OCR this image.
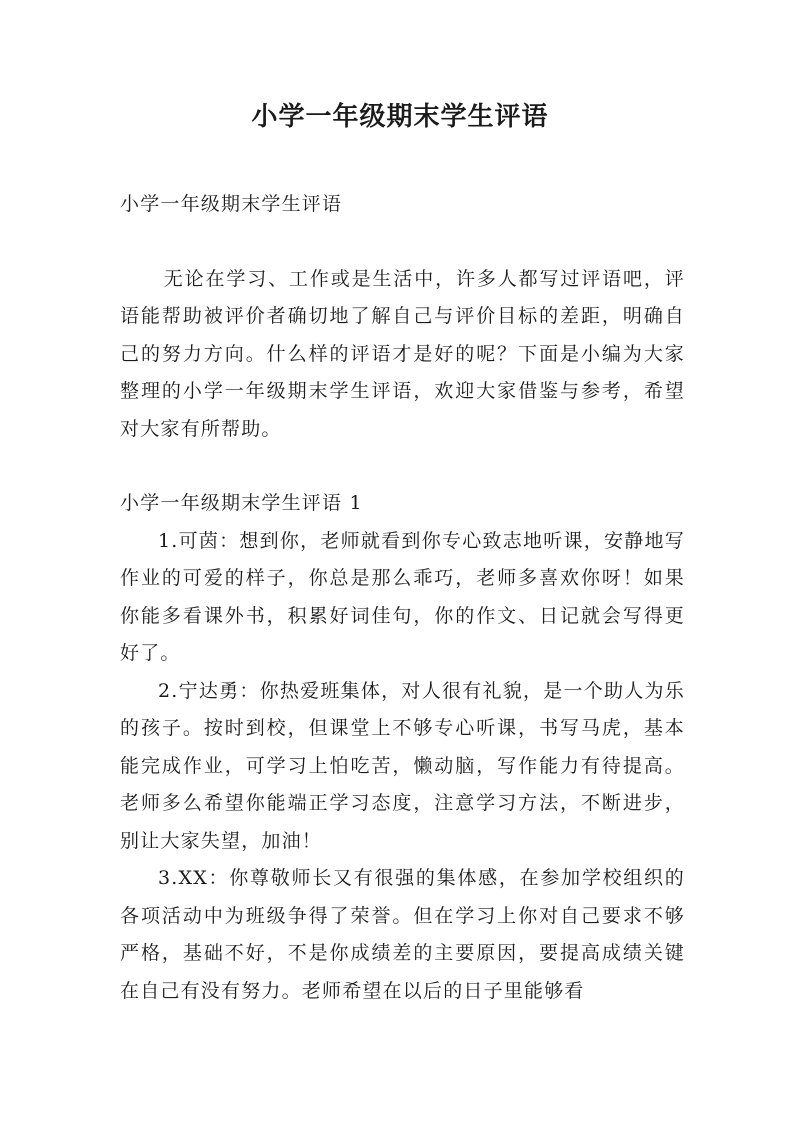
小学一年级期末学生评语

小学一年级期末学生评语

无论在学习、工作或是生活中，许多人都写过评语吧，评语能帮助被评价者确切地了解自己与评价目标的差距，明确自己的努力方向。什么样的评语才是好的呢？下面是小编为大家整理的小学一年级期末学生评语，欢迎大家借鉴与参考，希望对大家有所帮助。

小学一年级期末学生评语 1

1.可茵：想到你，老师就看到你专心致志地听课，安静地写作业的可爱的样子，你总是那么乖巧，老师多喜欢你呀！如果你能多看课外书，积累好词佳句，你的作文、日记就会写得更好了。

2.宁达勇：你热爱班集体，对人很有礼貌，是一个助人为乐的孩子。按时到校，但课堂上不够专心听课，书写马虎，基本能完成作业，可学习上怕吃苦，懒动脑，写作能力有待提高。老师多么希望你能端正学习态度，注意学习方法，不断进步，别让大家失望，加油！

3.XX：你尊敬师长又有很强的集体感，在参加学校组织的各项活动中为班级争得了荣誉。但在学习上你对自己要求不够严格，基础不好，不是你成绩差的主要原因，要提高成绩关键在自己有没有努力。老师希望在以后的日子里能够看
